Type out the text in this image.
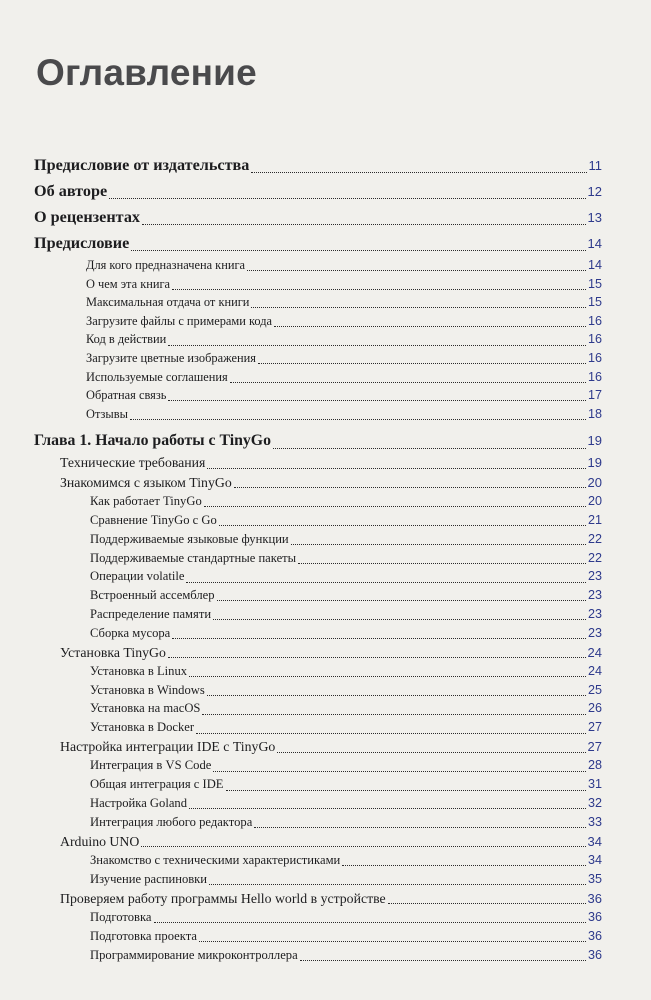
Оглавление
Предисловие от издательства	11
Об авторе	12
О рецензентах	13
Предисловие	14
Для кого предназначена книга	14
О чем эта книга	15
Максимальная отдача от книги	15
Загрузите файлы с примерами кода	16
Код в действии	16
Загрузите цветные изображения	16
Используемые соглашения	16
Обратная связь	17
Отзывы	18
Глава 1. Начало работы с TinyGo	19
Технические требования	19
Знакомимся с языком TinyGo	20
Как работает TinyGo	20
Сравнение TinyGo с Go	21
Поддерживаемые языковые функции	22
Поддерживаемые стандартные пакеты	22
Операции volatile	23
Встроенный ассемблер	23
Распределение памяти	23
Сборка мусора	23
Установка TinyGo	24
Установка в Linux	24
Установка в Windows	25
Установка на macOS	26
Установка в Docker	27
Настройка интеграции IDE с TinyGo	27
Интеграция в VS Code	28
Общая интеграция с IDE	31
Настройка Goland	32
Интеграция любого редактора	33
Arduino UNO	34
Знакомство с техническими характеристиками	34
Изучение распиновки	35
Проверяем работу программы Hello world в устройстве	36
Подготовка	36
Подготовка проекта	36
Программирование микроконтроллера	36
